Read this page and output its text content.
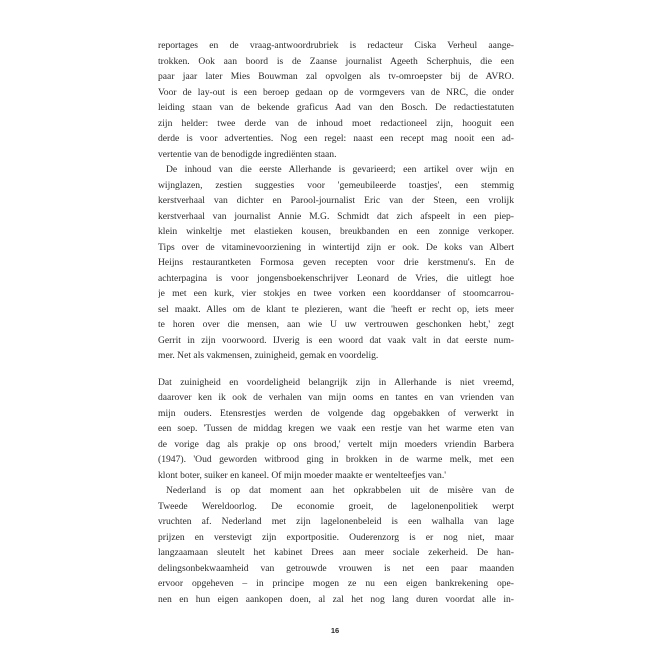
reportages en de vraag-antwoordrubriek is redacteur Ciska Verheul aange-
trokken. Ook aan boord is de Zaanse journalist Ageeth Scherphuis, die een
paar jaar later Mies Bouwman zal opvolgen als tv-omroepster bij de AVRO.
Voor de lay-out is een beroep gedaan op de vormgevers van de NRC, die onder
leiding staan van de bekende graficus Aad van den Bosch. De redactiestatuten
zijn helder: twee derde van de inhoud moet redactioneel zijn, hooguit een
derde is voor advertenties. Nog een regel: naast een recept mag nooit een ad-
vertentie van de benodigde ingrediënten staan.
De inhoud van die eerste Allerhande is gevarieerd; een artikel over wijn en
wijnglazen, zestien suggesties voor 'gemeubileerde toastjes', een stemmig
kerstverhaal van dichter en Parool-journalist Eric van der Steen, een vrolijk
kerstverhaal van journalist Annie M.G. Schmidt dat zich afspeelt in een piep-
klein winkeltje met elastieken kousen, breukbanden en een zonnige verkoper.
Tips over de vitaminevoorziening in wintertijd zijn er ook. De koks van Albert
Heijns restaurantketen Formosa geven recepten voor drie kerstmenu's. En de
achterpagina is voor jongensboekenschrijver Leonard de Vries, die uitlegt hoe
je met een kurk, vier stokjes en twee vorken een koorddanser of stoomcarrou-
sel maakt. Alles om de klant te plezieren, want die 'heeft er recht op, iets meer
te horen over die mensen, aan wie U uw vertrouwen geschonken hebt,' zegt
Gerrit in zijn voorwoord. IJverig is een woord dat vaak valt in dat eerste num-
mer. Net als vakmensen, zuinigheid, gemak en voordelig.
Dat zuinigheid en voordeligheid belangrijk zijn in Allerhande is niet vreemd,
daarover ken ik ook de verhalen van mijn ooms en tantes en van vrienden van
mijn ouders. Etensrestjes werden de volgende dag opgebakken of verwerkt in
een soep. 'Tussen de middag kregen we vaak een restje van het warme eten van
de vorige dag als prakje op ons brood,' vertelt mijn moeders vriendin Barbera
(1947). 'Oud geworden witbrood ging in brokken in de warme melk, met een
klont boter, suiker en kaneel. Of mijn moeder maakte er wentelteefjes van.'
Nederland is op dat moment aan het opkrabbelen uit de misère van de
Tweede Wereldoorlog. De economie groeit, de lagelonenpolitiek werpt
vruchten af. Nederland met zijn lagelonenbeleid is een walhalla van lage
prijzen en verstevigt zijn exportpositie. Ouderenzorg is er nog niet, maar
langzaamaan sleutelt het kabinet Drees aan meer sociale zekerheid. De han-
delingsonbekwaamheid van getrouwde vrouwen is net een paar maanden
ervoor opgeheven – in principe mogen ze nu een eigen bankrekening ope-
nen en hun eigen aankopen doen, al zal het nog lang duren voordat alle in-
16
